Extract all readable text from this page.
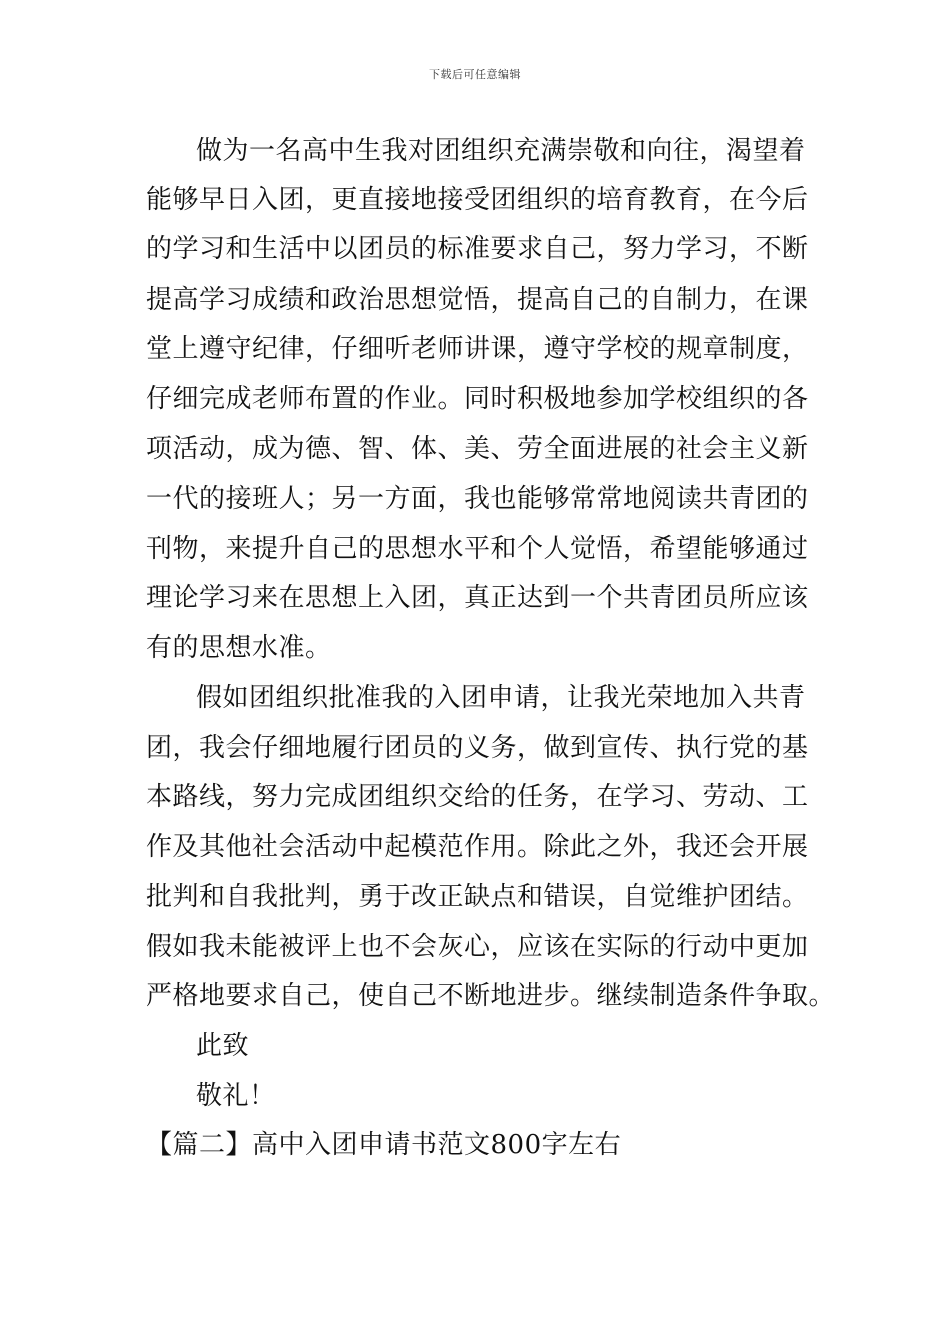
下载后可任意编辑
做为一名高中生我对团组织充满崇敬和向往，渴望着
能够早日入团，更直接地接受团组织的培育教育，在今后
的学习和生活中以团员的标准要求自己，努力学习，不断
提高学习成绩和政治思想觉悟，提高自己的自制力，在课
堂上遵守纪律，仔细听老师讲课，遵守学校的规章制度，
仔细完成老师布置的作业。同时积极地参加学校组织的各
项活动，成为德、智、体、美、劳全面进展的社会主义新
一代的接班人；另一方面，我也能够常常地阅读共青团的
刊物，来提升自己的思想水平和个人觉悟，希望能够通过
理论学习来在思想上入团，真正达到一个共青团员所应该
有的思想水准。
假如团组织批准我的入团申请，让我光荣地加入共青
团，我会仔细地履行团员的义务，做到宣传、执行党的基
本路线，努力完成团组织交给的任务，在学习、劳动、工
作及其他社会活动中起模范作用。除此之外，我还会开展
批判和自我批判，勇于改正缺点和错误，自觉维护团结。
假如我未能被评上也不会灰心，应该在实际的行动中更加
严格地要求自己，使自己不断地进步。继续制造条件争取。
此致
敬礼！
【篇二】高中入团申请书范文800字左右
